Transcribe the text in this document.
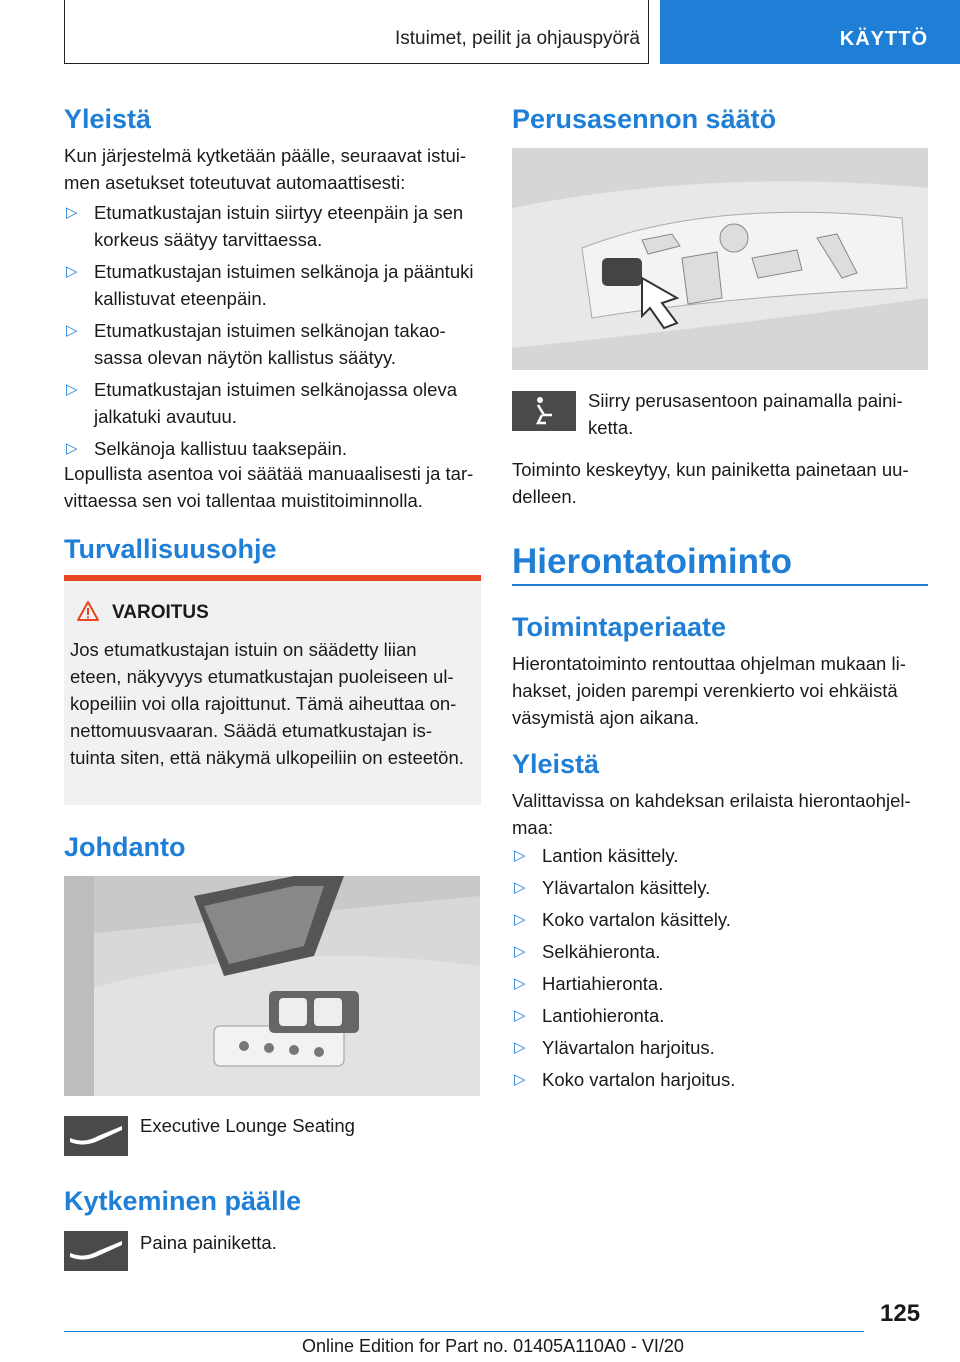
Istuimet, peilit ja ohjauspyörä	KÄYTTÖ
Yleistä
Kun järjestelmä kytketään päälle, seuraavat istuimen asetukset toteutuvat automaattisesti:
▷ Etumatkustajan istuin siirtyy eteenpäin ja sen korkeus säätyy tarvittaessa.
▷ Etumatkustajan istuimen selkänoja ja pääntuki kallistuvat eteenpäin.
▷ Etumatkustajan istuimen selkänojan takaosassa olevan näytön kallistus säätyy.
▷ Etumatkustajan istuimen selkänojassa oleva jalkatuki avautuu.
▷ Selkänoja kallistuu taaksepäin.
Lopullista asentoa voi säätää manuaalisesti ja tarvittaessa sen voi tallentaa muistitoiminnolla.
Turvallisuusohje
VAROITUS
Jos etumatkustajan istuin on säädetty liian eteen, näkyvyys etumatkustajan puoleiseen ulkopeiliin voi olla rajoittunut. Tämä aiheuttaa onnettomuusvaaran. Säädä etumatkustajan istuinta siten, että näkymä ulkopeiliin on esteetön.
Johdanto
Executive Lounge Seating
Kytkeminen päälle
Paina painiketta.
Perusasennon säätö
Siirry perusasentoon painamalla painiketta.
Toiminto keskeytyy, kun painiketta painetaan uudelleen.
Hierontatoiminto
Toimintaperiaate
Hierontatoiminto rentouttaa ohjelman mukaan lihakset, joiden parempi verenkierto voi ehkäistä väsymistä ajon aikana.
Yleistä
Valittavissa on kahdeksan erilaista hierontaohjelmaa:
▷ Lantion käsittely.
▷ Ylävartalon käsittely.
▷ Koko vartalon käsittely.
▷ Selkähieronta.
▷ Hartiahieronta.
▷ Lantiohieronta.
▷ Ylävartalon harjoitus.
▷ Koko vartalon harjoitus.
125
Online Edition for Part no. 01405A110A0 - VI/20
